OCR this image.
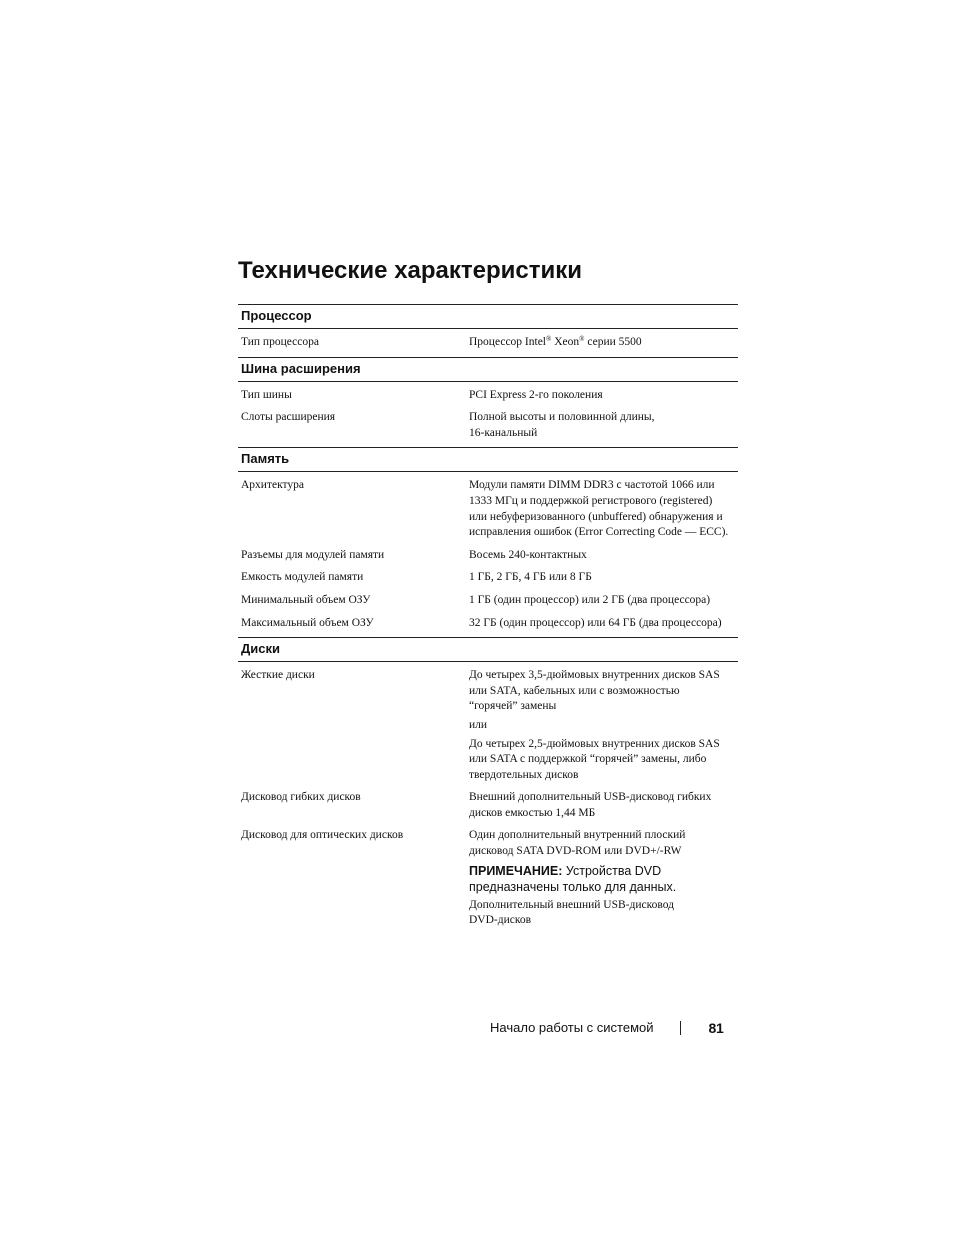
Технические характеристики
Процессор
Тип процессора	Процессор Intel® Xeon® серии 5500
Шина расширения
Тип шины	PCI Express 2-го поколения
Слоты расширения	Полной высоты и половинной длины,
16-канальный
Память
Архитектура	Модули памяти DIMM DDR3 с частотой 1066 или
1333 МГц и поддержкой регистрового (registered)
или небуферизованного (unbuffered) обнаружения и
исправления ошибок (Error Correcting Code — ECC).
Разъемы для модулей памяти	Восемь 240-контактных
Емкость модулей памяти	1 ГБ, 2 ГБ, 4 ГБ или 8 ГБ
Минимальный объем ОЗУ	1 ГБ (один процессор) или 2 ГБ (два процессора)
Максимальный объем ОЗУ	32 ГБ (один процессор) или 64 ГБ (два процессора)
Диски
Жесткие диски	До четырех 3,5-дюймовых внутренних дисков SAS
или SATA, кабельных или с возможностью
“горячей” замены

или

До четырех 2,5-дюймовых внутренних дисков SAS
или SATA с поддержкой “горячей” замены, либо
твердотельных дисков

Дисковод гибких дисков	Внешний дополнительный USB-дисковод гибких
дисков емкостью 1,44 МБ

Дисковод для оптических дисков	Один дополнительный внутренний плоский
дисковод SATA DVD-ROM или DVD+/-RW

ПРИМЕЧАНИЕ: Устройства DVD
предназначены только для данных.

Дополнительный внешний USB-дисковод
DVD-дисков

Начало работы с системой	81
